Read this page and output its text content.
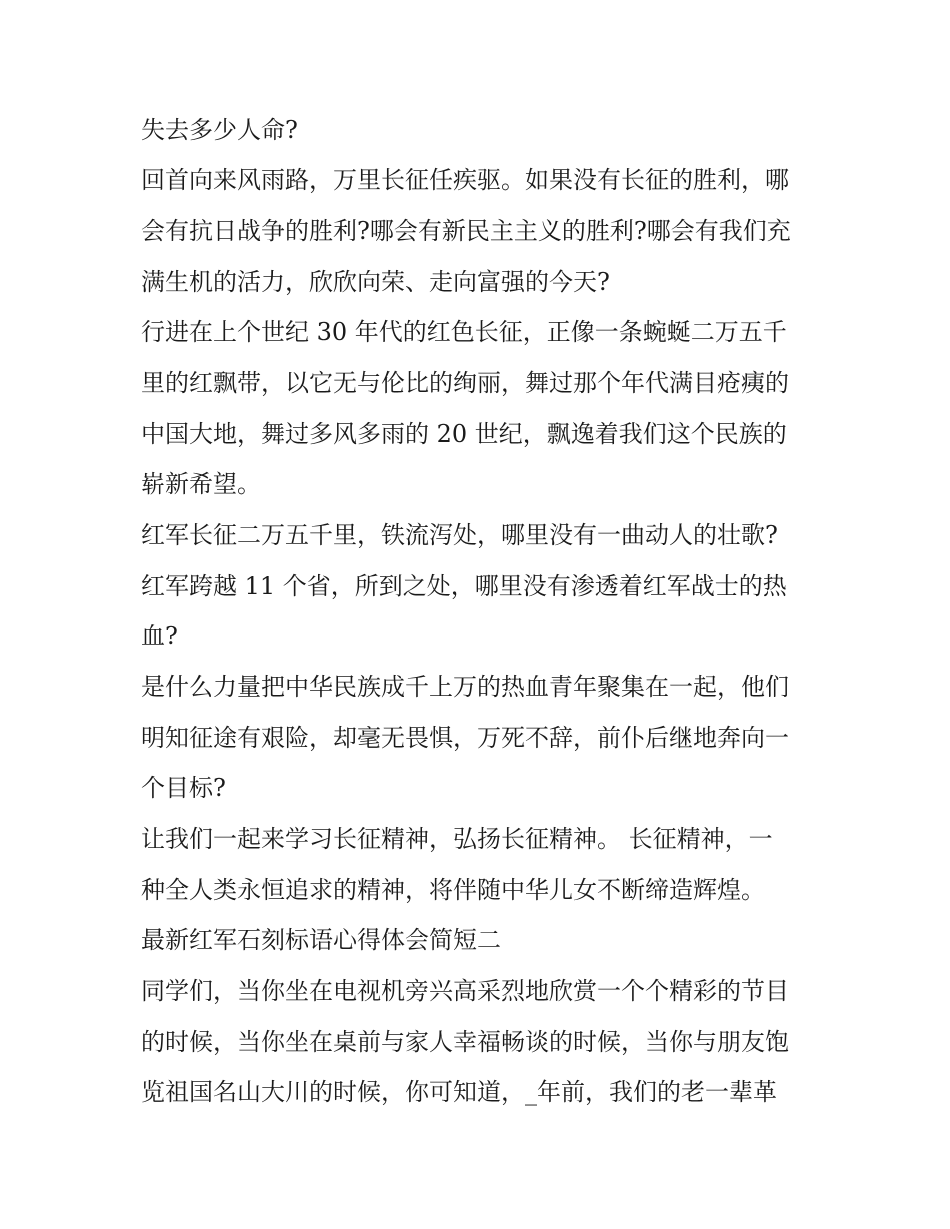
失去多少人命?
回首向来风雨路，万里长征任疾驱。如果没有长征的胜利，哪
会有抗日战争的胜利?哪会有新民主主义的胜利?哪会有我们充
满生机的活力，欣欣向荣、走向富强的今天?
行进在上个世纪 30 年代的红色长征，正像一条蜿蜒二万五千
里的红飘带，以它无与伦比的绚丽，舞过那个年代满目疮痍的
中国大地，舞过多风多雨的 20 世纪，飘逸着我们这个民族的
崭新希望。
红军长征二万五千里，铁流泻处，哪里没有一曲动人的壮歌?
红军跨越 11 个省，所到之处，哪里没有渗透着红军战士的热
血?
是什么力量把中华民族成千上万的热血青年聚集在一起，他们
明知征途有艰险，却毫无畏惧，万死不辞，前仆后继地奔向一
个目标?
让我们一起来学习长征精神，弘扬长征精神。 长征精神，一
种全人类永恒追求的精神，将伴随中华儿女不断缔造辉煌。
最新红军石刻标语心得体会简短二
同学们，当你坐在电视机旁兴高采烈地欣赏一个个精彩的节目
的时候，当你坐在桌前与家人幸福畅谈的时候，当你与朋友饱
览祖国名山大川的时候，你可知道，_年前，我们的老一辈革
